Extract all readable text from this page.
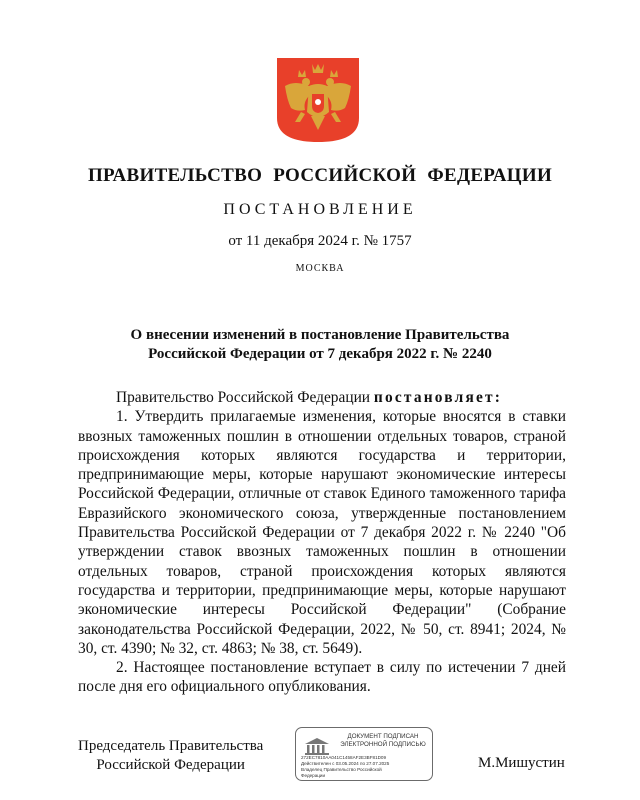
ПРАВИТЕЛЬСТВО РОССИЙСКОЙ ФЕДЕРАЦИИ
ПОСТАНОВЛЕНИЕ
от 11 декабря 2024 г. № 1757
МОСКВА
О внесении изменений в постановление Правительства
Российской Федерации от 7 декабря 2022 г. № 2240

Правительство Российской Федерации постановляет:

1. Утвердить прилагаемые изменения, которые вносятся в ставки ввозных таможенных пошлин в отношении отдельных товаров, страной происхождения которых являются государства и территории, предпринимающие меры, которые нарушают экономические интересы Российской Федерации, отличные от ставок Единого таможенного тарифа Евразийского экономического союза, утвержденные постановлением Правительства Российской Федерации от 7 декабря 2022 г. № 2240 "Об утверждении ставок ввозных таможенных пошлин в отношении отдельных товаров, страной происхождения которых являются государства и территории, предпринимающие меры, которые нарушают экономические интересы Российской Федерации" (Собрание законодательства Российской Федерации, 2022, № 50, ст. 8941; 2024, № 30, ст. 4390; № 32, ст. 4863; № 38, ст. 5649).

2. Настоящее постановление вступает в силу по истечении 7 дней после дня его официального опубликования.

Председатель Правительства
Российской Федерации
ДОКУМЕНТ ПОДПИСАН
ЭЛЕКТРОННОЙ ПОДПИСЬЮ
272EC7810AA041C1458AF2E3BF81D09
Действителен с 03.05.2024 по 27.07.2025
Владелец Правительство Российской
Федерации
М.Мишустин
